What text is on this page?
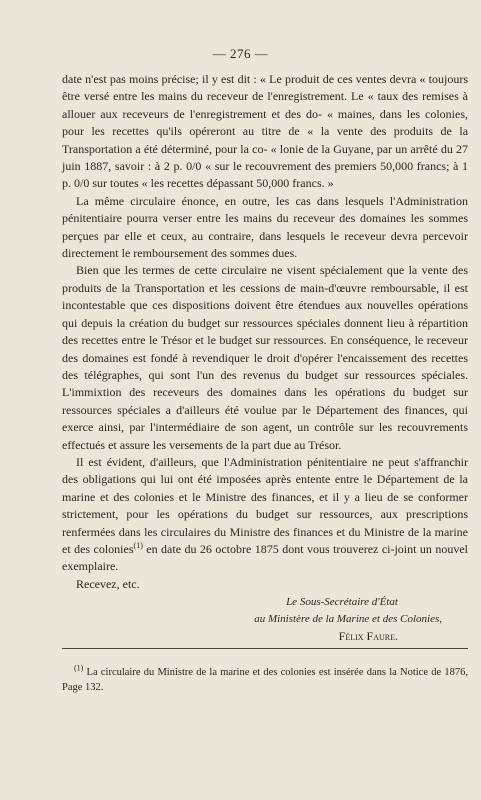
— 276 —

date n'est pas moins précise; il y est dit : « Le produit de ces ventes devra « toujours être versé entre les mains du receveur de l'enregistrement. Le « taux des remises à allouer aux receveurs de l'enregistrement et des do- « maines, dans les colonies, pour les recettes qu'ils opéreront au titre de « la vente des produits de la Transportation a été déterminé, pour la co- « lonie de la Guyane, par un arrêté du 27 juin 1887, savoir : à 2 p. 0/0 « sur le recouvrement des premiers 50,000 francs; à 1 p. 0/0 sur toutes « les recettes dépassant 50,000 francs. »

La même circulaire énonce, en outre, les cas dans lesquels l'Administration pénitentiaire pourra verser entre les mains du receveur des domaines les sommes perçues par elle et ceux, au contraire, dans lesquels le receveur devra percevoir directement le remboursement des sommes dues.

Bien que les termes de cette circulaire ne visent spécialement que la vente des produits de la Transportation et les cessions de main-d'œuvre remboursable, il est incontestable que ces dispositions doivent être étendues aux nouvelles opérations qui depuis la création du budget sur ressources spéciales donnent lieu à répartition des recettes entre le Trésor et le budget sur ressources. En conséquence, le receveur des domaines est fondé à revendiquer le droit d'opérer l'encaissement des recettes des télégraphes, qui sont l'un des revenus du budget sur ressources spéciales. L'immixtion des receveurs des domaines dans les opérations du budget sur ressources spéciales a d'ailleurs été voulue par le Département des finances, qui exerce ainsi, par l'intermédiaire de son agent, un contrôle sur les recouvrements effectués et assure les versements de la part due au Trésor.

Il est évident, d'ailleurs, que l'Administration pénitentiaire ne peut s'affranchir des obligations qui lui ont été imposées après entente entre le Département de la marine et des colonies et le Ministre des finances, et il y a lieu de se conformer strictement, pour les opérations du budget sur ressources, aux prescriptions renfermées dans les circulaires du Ministre des finances et du Ministre de la marine et des colonies$^{(1)}$ en date du 26 octobre 1875 dont vous trouverez ci-joint un nouvel exemplaire.

Recevez, etc.

Le Sous-Secrétaire d'État
au Ministère de la Marine et des Colonies,
Félix Faure.

$^{(1)}$ La circulaire du Ministre de la marine et des colonies est insérée dans la Notice de 1876, Page 132.
